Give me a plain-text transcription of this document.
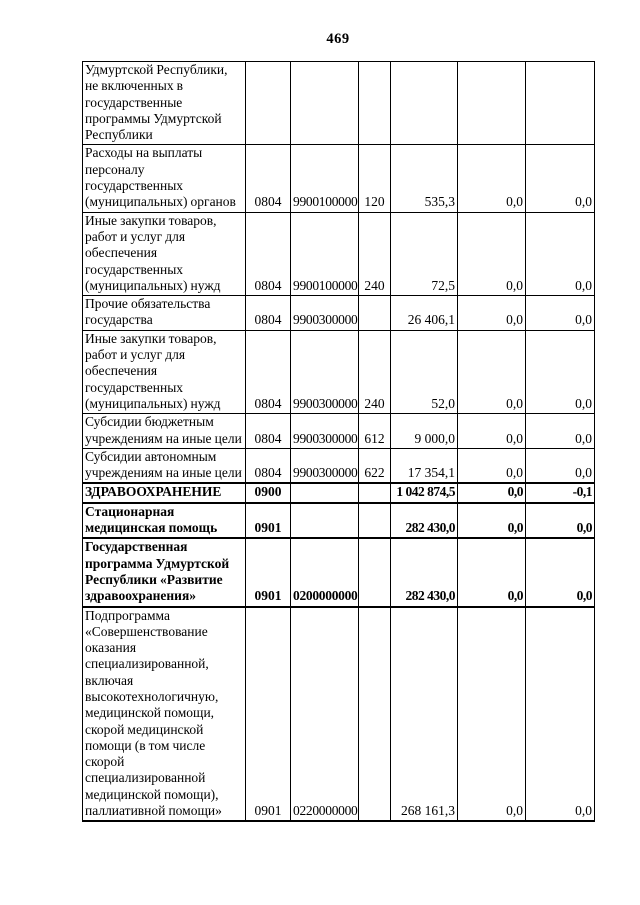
469
Удмуртской Республики, не включенных в государственные программы Удмуртской Республики						
Расходы на выплаты персоналу государственных (муниципальных) органов	0804	9900100000	120	535,3	0,0	0,0
Иные закупки товаров, работ и услуг для обеспечения государственных (муниципальных) нужд	0804	9900100000	240	72,5	0,0	0,0
Прочие обязательства государства	0804	9900300000		26 406,1	0,0	0,0
Иные закупки товаров, работ и услуг для обеспечения государственных (муниципальных) нужд	0804	9900300000	240	52,0	0,0	0,0
Субсидии бюджетным учреждениям на иные цели	0804	9900300000	612	9 000,0	0,0	0,0
Субсидии автономным учреждениям на иные цели	0804	9900300000	622	17 354,1	0,0	0,0
ЗДРАВООХРАНЕНИЕ	0900			1 042 874,5	0,0	-0,1
Стационарная медицинская помощь	0901			282 430,0	0,0	0,0
Государственная программа Удмуртской Республики «Развитие здравоохранения»	0901	0200000000		282 430,0	0,0	0,0
Подпрограмма «Совершенствование оказания специализированной, включая высокотехнологичную, медицинской помощи, скорой медицинской помощи (в том числе скорой специализированной медицинской помощи), паллиативной помощи»	0901	0220000000		268 161,3	0,0	0,0
